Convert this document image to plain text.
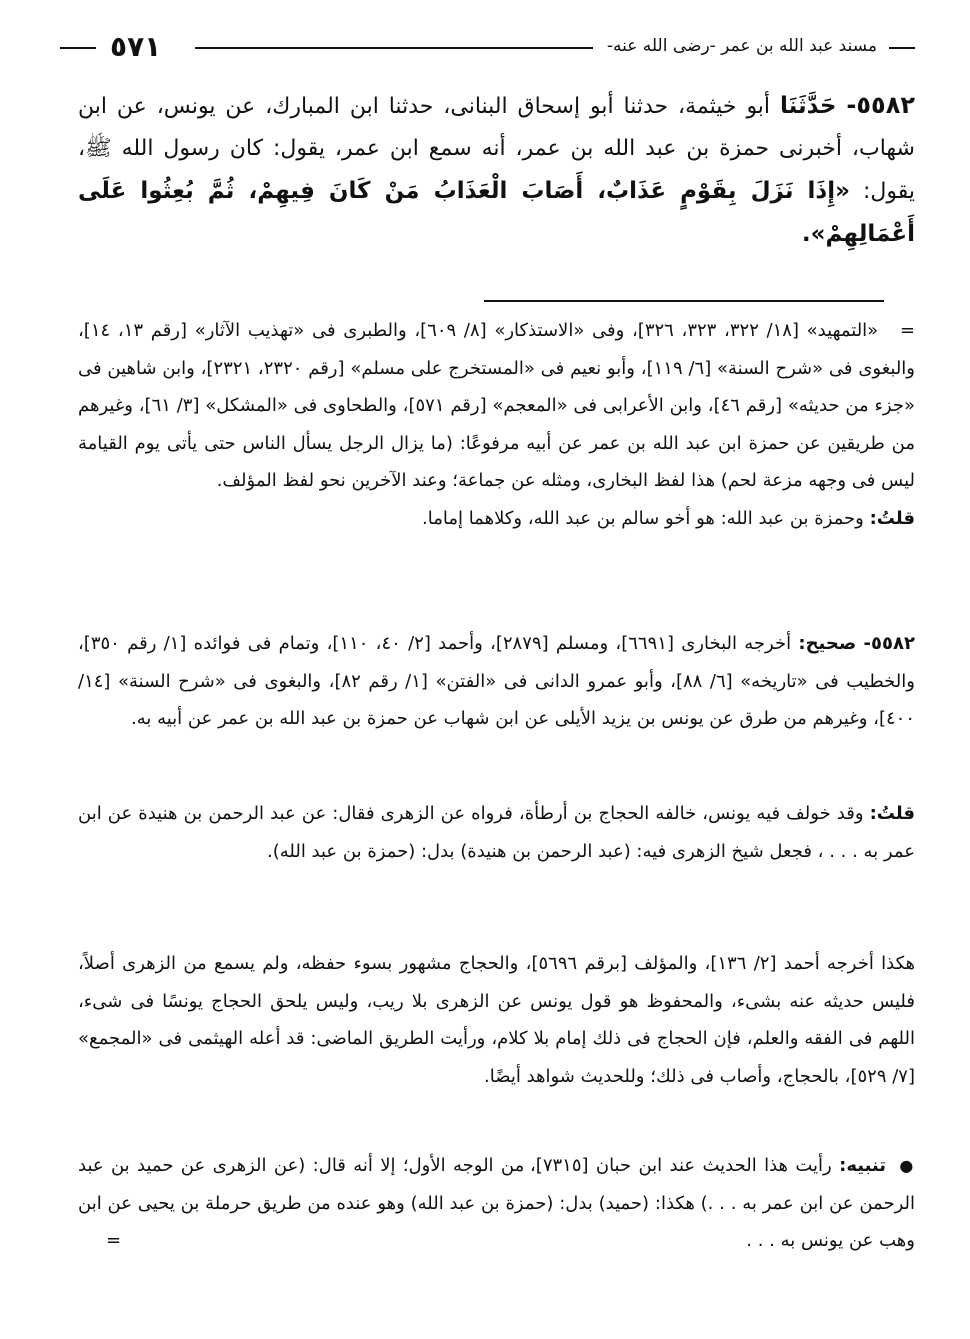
مسند عبد الله بن عمر -رضى الله عنه-
٥٧١
٥٥٨٢- حَدَّثَنَا أبو خيثمة، حدثنا أبو إسحاق البنانى، حدثنا ابن المبارك، عن يونس، عن ابن شهاب، أخبرنى حمزة بن عبد الله بن عمر، أنه سمع ابن عمر، يقول: كان رسول الله ﷺ، يقول: «إِذَا نَزَلَ بِقَوْمٍ عَذَابٌ، أَصَابَ الْعَذَابُ مَنْ كَانَ فِيهِمْ، ثُمَّ بُعِثُوا عَلَى أَعْمَالِهِمْ».

= «التمهيد» [١٨/ ٣٢٢، ٣٢٣، ٣٢٦]، وفى «الاستذكار» [٨/ ٦٠٩]، والطبرى فى «تهذيب الآثار» [رقم ١٣، ١٤]، والبغوى فى «شرح السنة» [٦/ ١١٩]، وأبو نعيم فى «المستخرج على مسلم» [رقم ٢٣٢٠، ٢٣٢١]، وابن شاهين فى «جزء من حديثه» [رقم ٤٦]، وابن الأعرابى فى «المعجم» [رقم ٥٧١]، والطحاوى فى «المشكل» [٣/ ٦١]، وغيرهم من طريقين عن حمزة ابن عبد الله بن عمر عن أبيه مرفوعًا: (ما يزال الرجل يسأل الناس حتى يأتى يوم القيامة ليس فى وجهه مزعة لحم) هذا لفظ البخارى، ومثله عن جماعة؛ وعند الآخرين نحو لفظ المؤلف.

قلتُ: وحمزة بن عبد الله: هو أخو سالم بن عبد الله، وكلاهما إماما.

٥٥٨٢- صحيح: أخرجه البخارى [٦٦٩١]، ومسلم [٢٨٧٩]، وأحمد [٢/ ٤٠، ١١٠]، وتمام فى فوائده [١/ رقم ٣٥٠]، والخطيب فى «تاريخه» [٦/ ٨٨]، وأبو عمرو الدانى فى «الفتن» [١/ رقم ٨٢]، والبغوى فى «شرح السنة» [١٤/ ٤٠٠]، وغيرهم من طرق عن يونس بن يزيد الأيلى عن ابن شهاب عن حمزة بن عبد الله بن عمر عن أبيه به.

قلتُ: وقد خولف فيه يونس، خالفه الحجاج بن أرطأة، فرواه عن الزهرى فقال: عن عبد الرحمن بن هنيدة عن ابن عمر به . . . ، فجعل شيخ الزهرى فيه: (عبد الرحمن بن هنيدة) بدل: (حمزة بن عبد الله).

هكذا أخرجه أحمد [٢/ ١٣٦]، والمؤلف [برقم ٥٦٩٦]، والحجاج مشهور بسوء حفظه، ولم يسمع من الزهرى أصلاً، فليس حديثه عنه بشىء، والمحفوظ هو قول يونس عن الزهرى بلا ريب، وليس يلحق الحجاج يونسًا فى شىء، اللهم فى الفقه والعلم، فإن الحجاج فى ذلك إمام بلا كلام، ورأيت الطريق الماضى: قد أعله الهيثمى فى «المجمع» [٧/ ٥٢٩]، بالحجاج، وأصاب فى ذلك؛ وللحديث شواهد أيضًا.

● تنبيه: رأيت هذا الحديث عند ابن حبان [٧٣١٥]، من الوجه الأول؛ إلا أنه قال: (عن الزهرى عن حميد بن عبد الرحمن عن ابن عمر به . . .) هكذا: (حميد) بدل: (حمزة بن عبد الله) وهو عنده من طريق حرملة بن يحيى عن ابن وهب عن يونس به . . .

=
